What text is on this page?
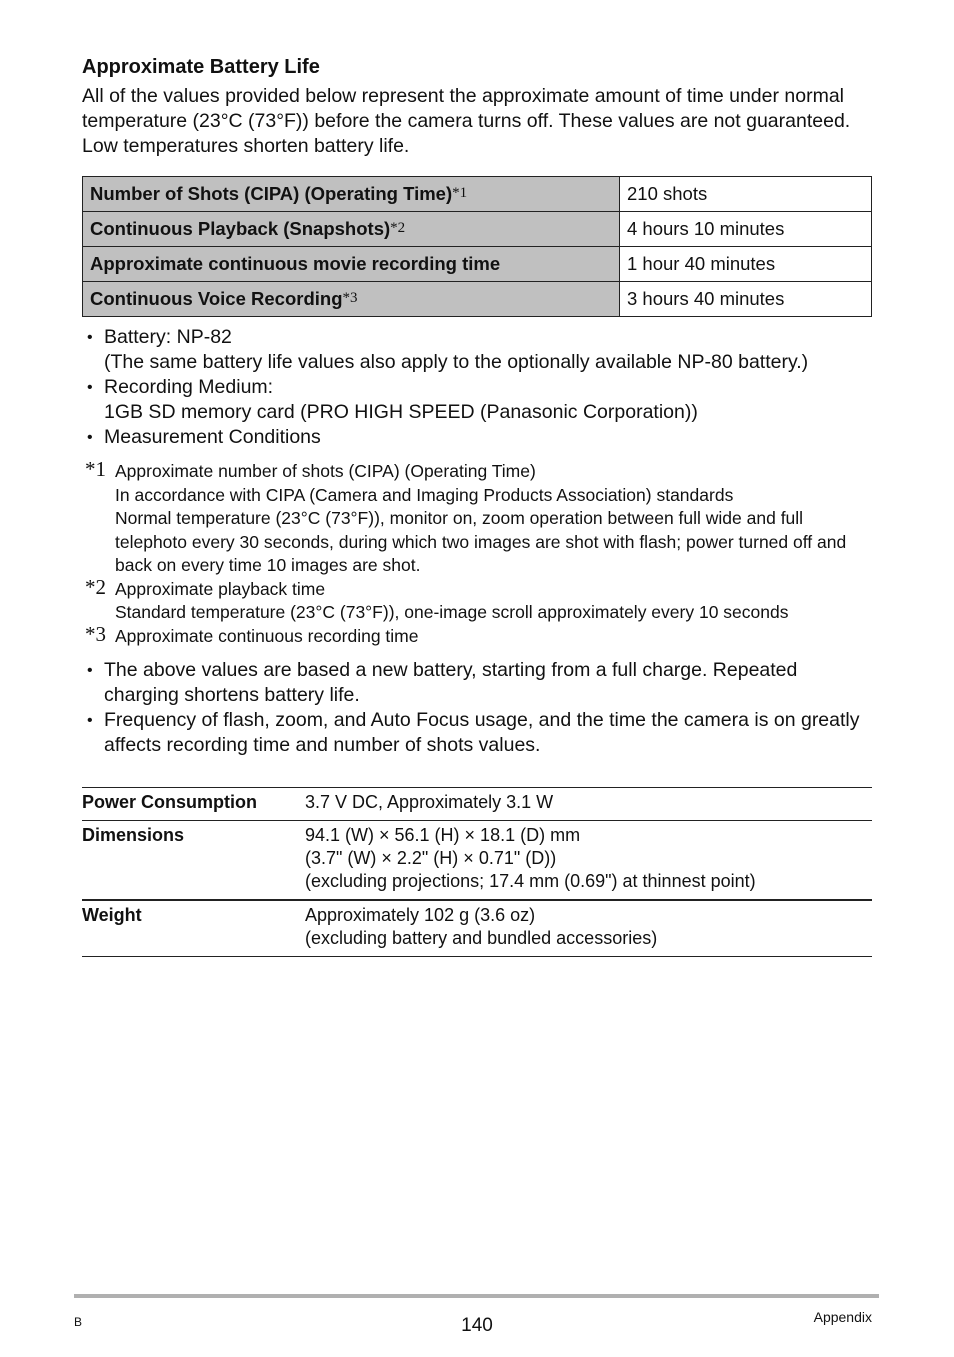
Approximate Battery Life

All of the values provided below represent the approximate amount of time under normal temperature (23°C (73°F)) before the camera turns off. These values are not guaranteed. Low temperatures shorten battery life.

Number of Shots (CIPA) (Operating Time)*1	210 shots
Continuous Playback (Snapshots)*2	4 hours 10 minutes
Approximate continuous movie recording time	1 hour 40 minutes
Continuous Voice Recording*3	3 hours 40 minutes
• Battery: NP-82
(The same battery life values also apply to the optionally available NP-80 battery.)
• Recording Medium:
1GB SD memory card (PRO HIGH SPEED (Panasonic Corporation))
• Measurement Conditions
*1 Approximate number of shots (CIPA) (Operating Time)
In accordance with CIPA (Camera and Imaging Products Association) standards
Normal temperature (23°C (73°F)), monitor on, zoom operation between full wide and full telephoto every 30 seconds, during which two images are shot with flash; power turned off and back on every time 10 images are shot.
*2 Approximate playback time
Standard temperature (23°C (73°F)), one-image scroll approximately every 10 seconds
*3 Approximate continuous recording time
• The above values are based a new battery, starting from a full charge. Repeated charging shortens battery life.
• Frequency of flash, zoom, and Auto Focus usage, and the time the camera is on greatly affects recording time and number of shots values.
Power Consumption	3.7 V DC, Approximately 3.1 W
Dimensions	94.1 (W) × 56.1 (H) × 18.1 (D) mm
(3.7" (W) × 2.2" (H) × 0.71" (D))
(excluding projections; 17.4 mm (0.69") at thinnest point)

Weight	Approximately 102 g (3.6 oz)
(excluding battery and bundled accessories)
B	140	Appendix
